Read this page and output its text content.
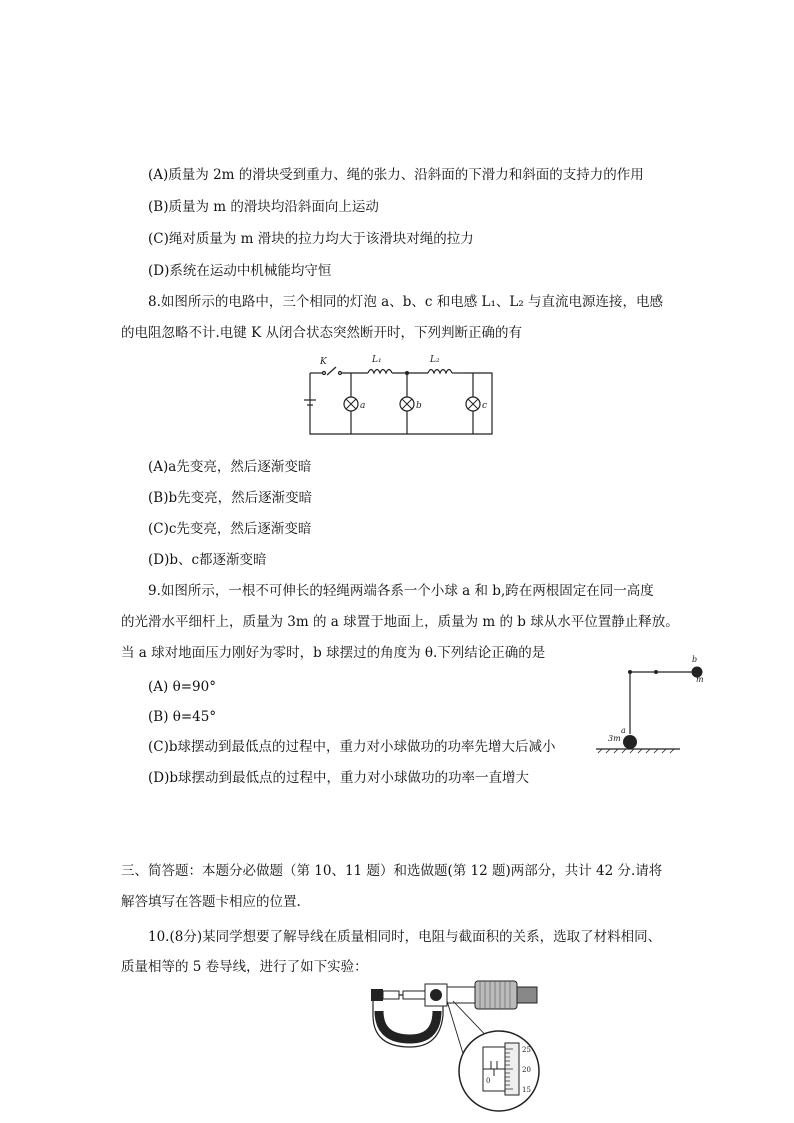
(A)质量为 2m 的滑块受到重力、绳的张力、沿斜面的下滑力和斜面的支持力的作用
(B)质量为 m 的滑块均沿斜面向上运动
(C)绳对质量为 m 滑块的拉力均大于该滑块对绳的拉力
(D)系统在运动中机械能均守恒
8.如图所示的电路中，三个相同的灯泡 a、b、c 和电感 L₁、L₂ 与直流电源连接，电感
的电阻忽略不计.电键 K 从闭合状态突然断开时，下列判断正确的有
K	L₁	L₂
a	b	c
(A)a先变亮，然后逐渐变暗
(B)b先变亮，然后逐渐变暗
(C)c先变亮，然后逐渐变暗
(D)b、c都逐渐变暗
9.如图所示，一根不可伸长的轻绳两端各系一个小球 a 和 b,跨在两根固定在同一高度
的光滑水平细杆上，质量为 3m 的 a 球置于地面上，质量为 m 的 b 球从水平位置静止释放。
当 a 球对地面压力刚好为零时，b 球摆过的角度为 θ.下列结论正确的是
(A) θ=90°
(B) θ=45°
(C)b球摆动到最低点的过程中，重力对小球做功的功率先增大后减小
(D)b球摆动到最低点的过程中，重力对小球做功的功率一直增大
b
m
a
3m
三、简答题：本题分必做题（第 10、11 题）和选做题(第 12 题)两部分，共计 42 分.请将
解答填写在答题卡相应的位置.
10.(8分)某同学想要了解导线在质量相同时，电阻与截面积的关系，选取了材料相同、
质量相等的 5 卷导线，进行了如下实验：
25
20
15
0
